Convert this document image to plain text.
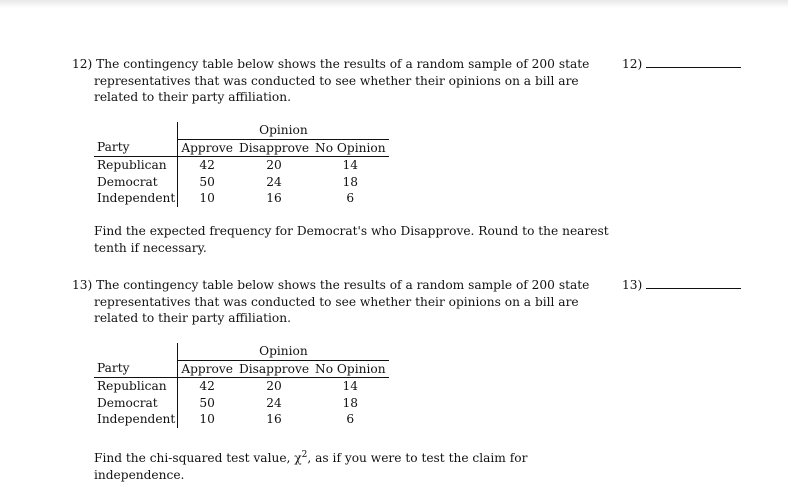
12) The contingency table below shows the results of a random sample of 200 state representatives that was conducted to see whether their opinions on a bill are related to their party affiliation.

12)
	Opinion		
Party	Approve	Disapprove	No Opinion
Republican	42	20	14
Democrat	50	24	18
Independent	10	16	6

Find the expected frequency for Democrat's who Disapprove. Round to the nearest tenth if necessary.

13) The contingency table below shows the results of a random sample of 200 state representatives that was conducted to see whether their opinions on a bill are related to their party affiliation.

13)
	Opinion		
Party	Approve	Disapprove	No Opinion
Republican	42	20	14
Democrat	50	24	18
Independent	10	16	6

Find the chi-squared test value, $\chi^2$, as if you were to test the claim for independence.
